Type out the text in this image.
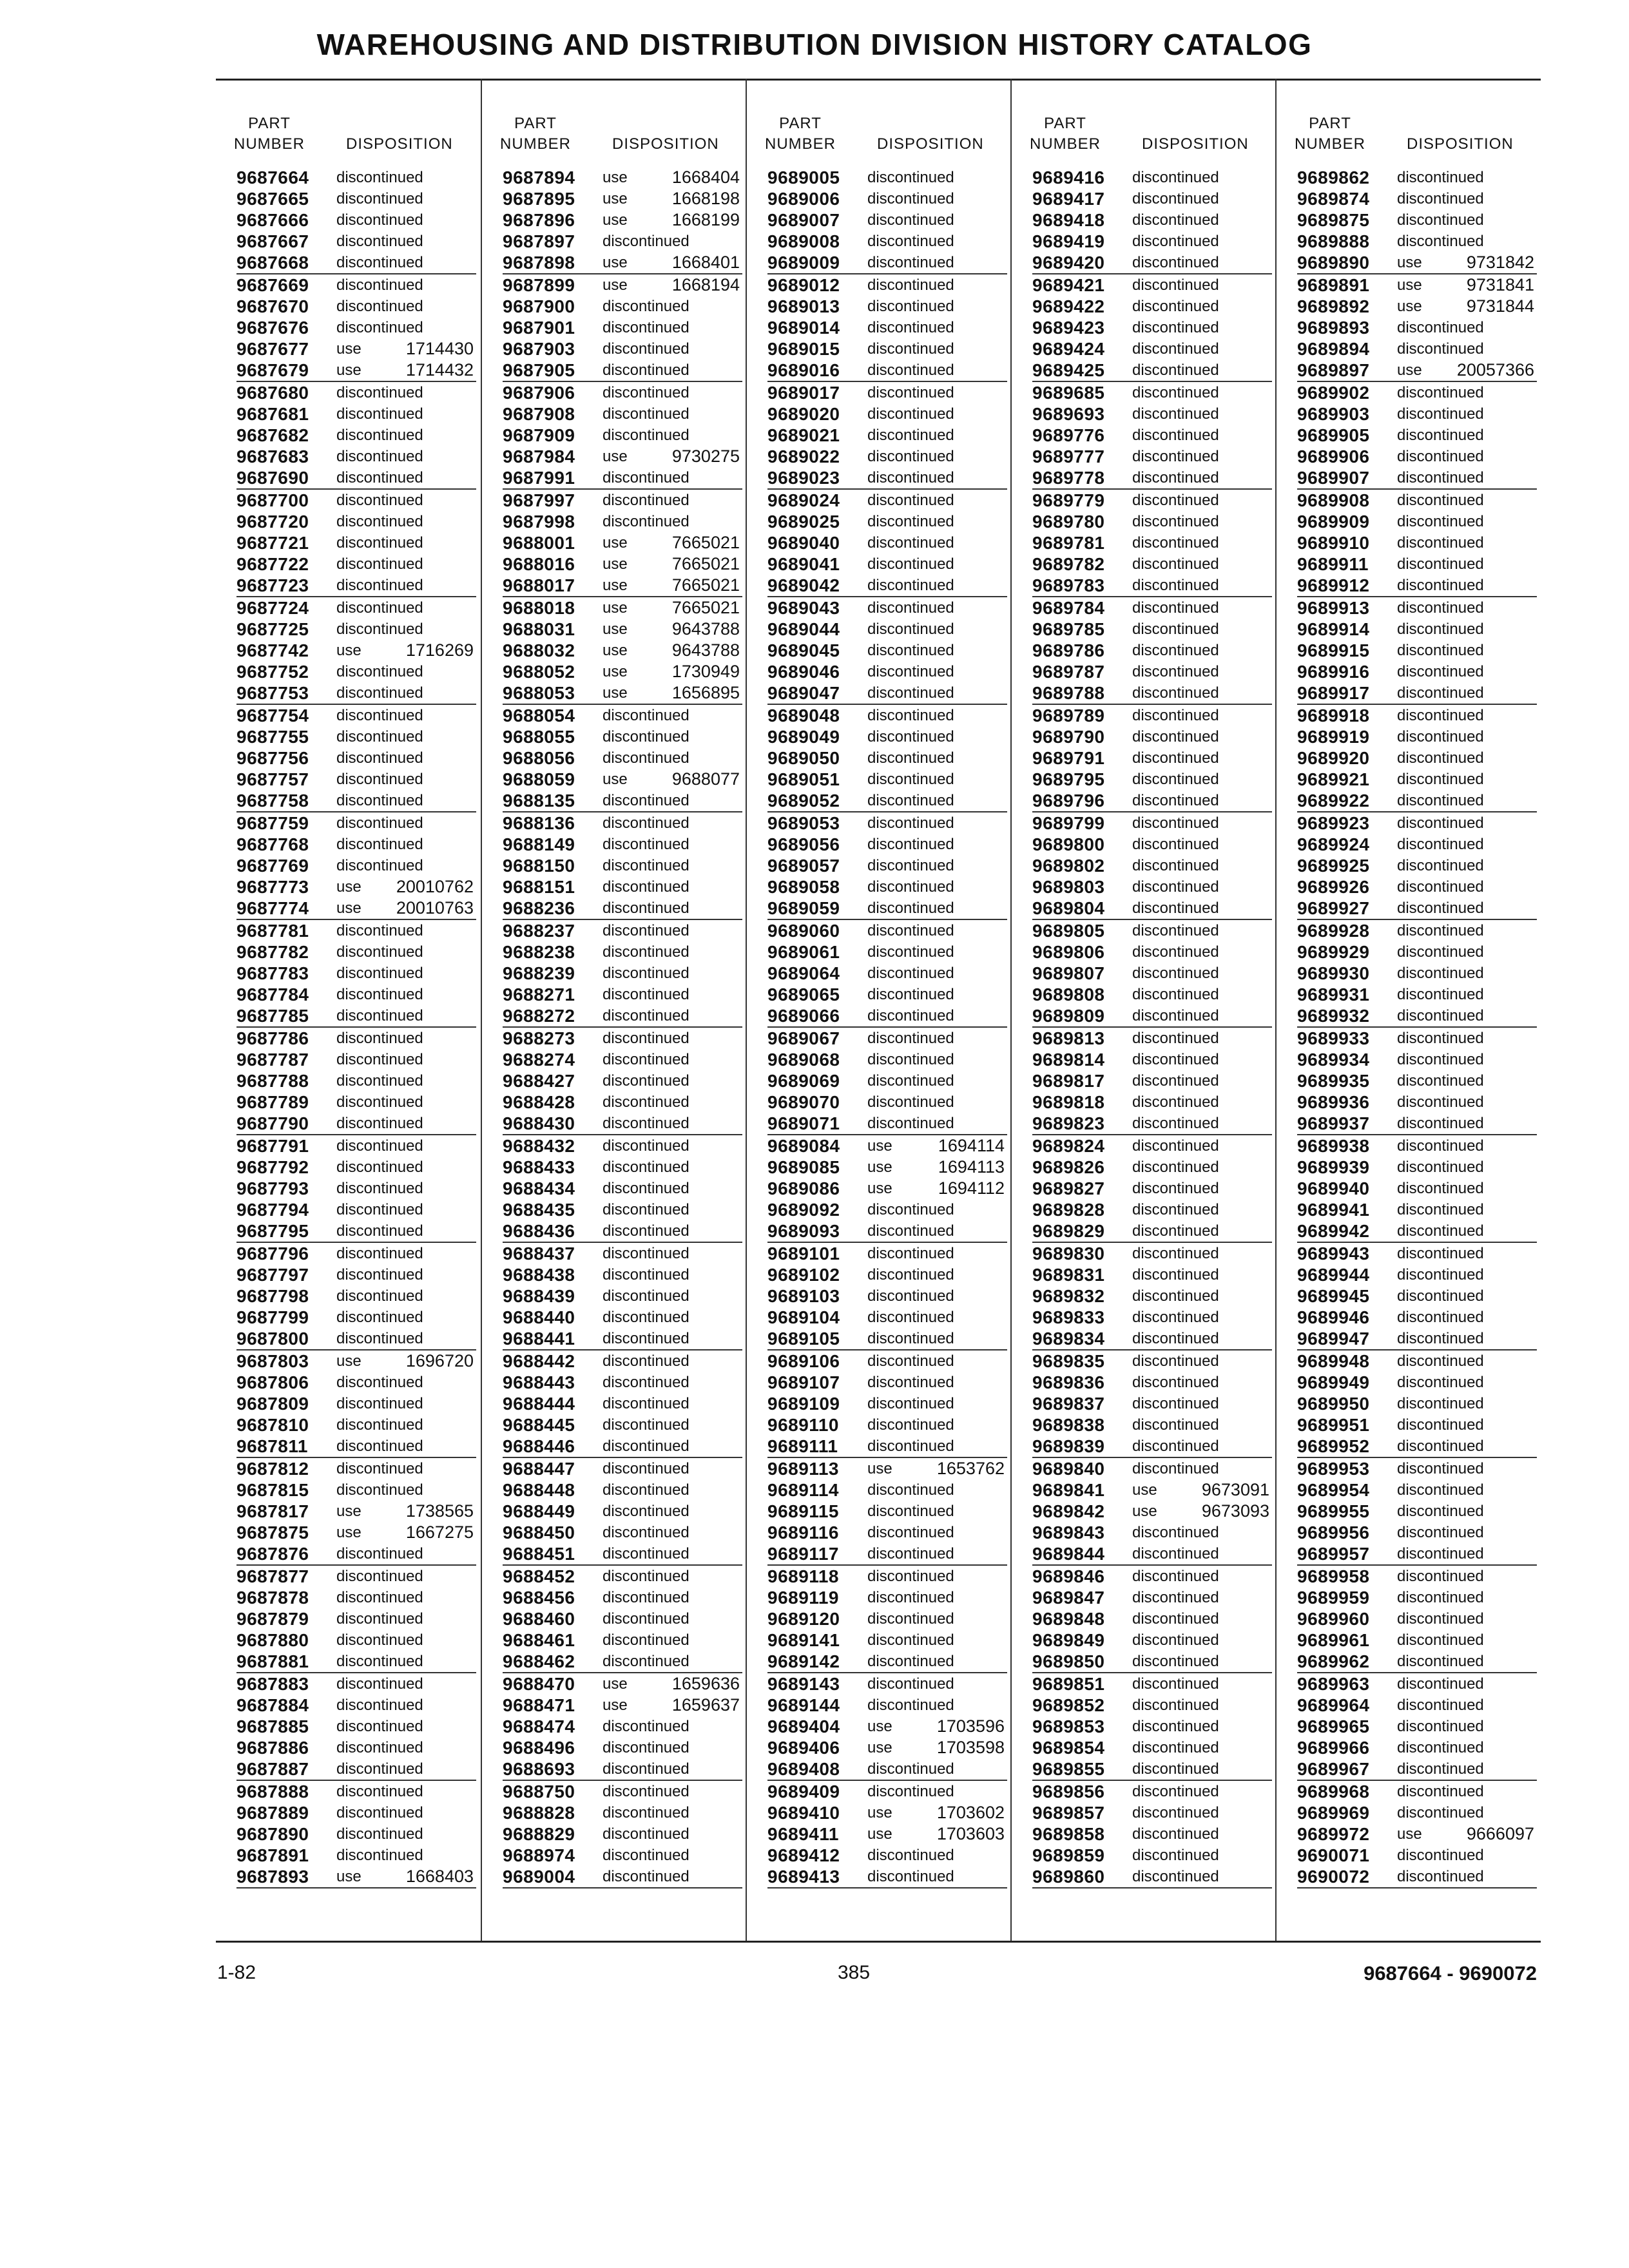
WAREHOUSING AND DISTRIBUTION DIVISION HISTORY CATALOG
PART
NUMBER	DISPOSITION
9687664 discontinued
9687665 discontinued
9687666 discontinued
9687667 discontinued
9687668 discontinued
9687669 discontinued
9687670 discontinued
9687676 discontinued
9687677 use	1714430
9687679 use	1714432
9687680 discontinued
9687681 discontinued
9687682 discontinued
9687683 discontinued
9687690 discontinued
9687700 discontinued
9687720 discontinued
9687721 discontinued
9687722 discontinued
9687723 discontinued
9687724 discontinued
9687725 discontinued
9687742 use	1716269
9687752 discontinued
9687753 discontinued
9687754 discontinued
9687755 discontinued
9687756 discontinued
9687757 discontinued
9687758 discontinued
9687759 discontinued
9687768 discontinued
9687769 discontinued
9687773 use 20010762
9687774 use 20010763
9687781 discontinued
9687782 discontinued
9687783 discontinued
9687784 discontinued
9687785 discontinued
9687786 discontinued
9687787 discontinued
9687788 discontinued
9687789 discontinued
9687790 discontinued
9687791 discontinued
9687792 discontinued
9687793 discontinued
9687794 discontinued
9687795 discontinued
9687796 discontinued
9687797 discontinued
9687798 discontinued
9687799 discontinued
9687800 discontinued
9687803 use	1696720
9687806 discontinued
9687809 discontinued
9687810 discontinued
9687811 discontinued
9687812 discontinued
9687815 discontinued
9687817 use	1738565
9687875 use	1667275
9687876 discontinued
9687877 discontinued
9687878 discontinued
9687879 discontinued
9687880 discontinued
9687881 discontinued
9687883 discontinued
9687884 discontinued
9687885 discontinued
9687886 discontinued
9687887 discontinued
9687888 discontinued
9687889 discontinued
9687890 discontinued
9687891 discontinued
9687893 use	1668403
PART
NUMBER	DISPOSITION
9687894 use	1668404
9687895 use	1668198
9687896 use	1668199
9687897 discontinued
9687898 use	1668401
9687899 use	1668194
9687900 discontinued
9687901 discontinued
9687903 discontinued
9687905 discontinued
9687906 discontinued
9687908 discontinued
9687909 discontinued
9687984 use	9730275
9687991 discontinued
9687997 discontinued
9687998 discontinued
9688001 use	7665021
9688016 use	7665021
9688017 use	7665021
9688018 use	7665021
9688031 use	9643788
9688032 use	9643788
9688052 use	1730949
9688053 use	1656895
9688054 discontinued
9688055 discontinued
9688056 discontinued
9688059 use	9688077
9688135 discontinued
9688136 discontinued
9688149 discontinued
9688150 discontinued
9688151 discontinued
9688236 discontinued
9688237 discontinued
9688238 discontinued
9688239 discontinued
9688271 discontinued
9688272 discontinued
9688273 discontinued
9688274 discontinued
9688427 discontinued
9688428 discontinued
9688430 discontinued
9688432 discontinued
9688433 discontinued
9688434 discontinued
9688435 discontinued
9688436 discontinued
9688437 discontinued
9688438 discontinued
9688439 discontinued
9688440 discontinued
9688441 discontinued
9688442 discontinued
9688443 discontinued
9688444 discontinued
9688445 discontinued
9688446 discontinued
9688447 discontinued
9688448 discontinued
9688449 discontinued
9688450 discontinued
9688451 discontinued
9688452 discontinued
9688456 discontinued
9688460 discontinued
9688461 discontinued
9688462 discontinued
9688470 use	1659636
9688471 use	1659637
9688474 discontinued
9688496 discontinued
9688693 discontinued
9688750 discontinued
9688828 discontinued
9688829 discontinued
9688974 discontinued
9689004 discontinued
PART
NUMBER	DISPOSITION
9689005 discontinued
9689006 discontinued
9689007 discontinued
9689008 discontinued
9689009 discontinued
9689012 discontinued
9689013 discontinued
9689014 discontinued
9689015 discontinued
9689016 discontinued
9689017 discontinued
9689020 discontinued
9689021 discontinued
9689022 discontinued
9689023 discontinued
9689024 discontinued
9689025 discontinued
9689040 discontinued
9689041 discontinued
9689042 discontinued
9689043 discontinued
9689044 discontinued
9689045 discontinued
9689046 discontinued
9689047 discontinued
9689048 discontinued
9689049 discontinued
9689050 discontinued
9689051 discontinued
9689052 discontinued
9689053 discontinued
9689056 discontinued
9689057 discontinued
9689058 discontinued
9689059 discontinued
9689060 discontinued
9689061 discontinued
9689064 discontinued
9689065 discontinued
9689066 discontinued
9689067 discontinued
9689068 discontinued
9689069 discontinued
9689070 discontinued
9689071 discontinued
9689084 use	1694114
9689085 use	1694113
9689086 use	1694112
9689092 discontinued
9689093 discontinued
9689101 discontinued
9689102 discontinued
9689103 discontinued
9689104 discontinued
9689105 discontinued
9689106 discontinued
9689107 discontinued
9689109 discontinued
9689110 discontinued
9689111 discontinued
9689113 use	1653762
9689114 discontinued
9689115 discontinued
9689116 discontinued
9689117 discontinued
9689118 discontinued
9689119 discontinued
9689120 discontinued
9689141 discontinued
9689142 discontinued
9689143 discontinued
9689144 discontinued
9689404 use	1703596
9689406 use	1703598
9689408 discontinued
9689409 discontinued
9689410 use	1703602
9689411 use	1703603
9689412 discontinued
9689413 discontinued
PART
NUMBER	DISPOSITION
9689416 discontinued
9689417 discontinued
9689418 discontinued
9689419 discontinued
9689420 discontinued
9689421 discontinued
9689422 discontinued
9689423 discontinued
9689424 discontinued
9689425 discontinued
9689685 discontinued
9689693 discontinued
9689776 discontinued
9689777 discontinued
9689778 discontinued
9689779 discontinued
9689780 discontinued
9689781 discontinued
9689782 discontinued
9689783 discontinued
9689784 discontinued
9689785 discontinued
9689786 discontinued
9689787 discontinued
9689788 discontinued
9689789 discontinued
9689790 discontinued
9689791 discontinued
9689795 discontinued
9689796 discontinued
9689799 discontinued
9689800 discontinued
9689802 discontinued
9689803 discontinued
9689804 discontinued
9689805 discontinued
9689806 discontinued
9689807 discontinued
9689808 discontinued
9689809 discontinued
9689813 discontinued
9689814 discontinued
9689817 discontinued
9689818 discontinued
9689823 discontinued
9689824 discontinued
9689826 discontinued
9689827 discontinued
9689828 discontinued
9689829 discontinued
9689830 discontinued
9689831 discontinued
9689832 discontinued
9689833 discontinued
9689834 discontinued
9689835 discontinued
9689836 discontinued
9689837 discontinued
9689838 discontinued
9689839 discontinued
9689840 discontinued
9689841 use	9673091
9689842 use	9673093
9689843 discontinued
9689844 discontinued
9689846 discontinued
9689847 discontinued
9689848 discontinued
9689849 discontinued
9689850 discontinued
9689851 discontinued
9689852 discontinued
9689853 discontinued
9689854 discontinued
9689855 discontinued
9689856 discontinued
9689857 discontinued
9689858 discontinued
9689859 discontinued
9689860 discontinued
PART
NUMBER	DISPOSITION
9689862 discontinued
9689874 discontinued
9689875 discontinued
9689888 discontinued
9689890 use	9731842
9689891 use	9731841
9689892 use	9731844
9689893 discontinued
9689894 discontinued
9689897 use 20057366
9689902 discontinued
9689903 discontinued
9689905 discontinued
9689906 discontinued
9689907 discontinued
9689908 discontinued
9689909 discontinued
9689910 discontinued
9689911 discontinued
9689912 discontinued
9689913 discontinued
9689914 discontinued
9689915 discontinued
9689916 discontinued
9689917 discontinued
9689918 discontinued
9689919 discontinued
9689920 discontinued
9689921 discontinued
9689922 discontinued
9689923 discontinued
9689924 discontinued
9689925 discontinued
9689926 discontinued
9689927 discontinued
9689928 discontinued
9689929 discontinued
9689930 discontinued
9689931 discontinued
9689932 discontinued
9689933 discontinued
9689934 discontinued
9689935 discontinued
9689936 discontinued
9689937 discontinued
9689938 discontinued
9689939 discontinued
9689940 discontinued
9689941 discontinued
9689942 discontinued
9689943 discontinued
9689944 discontinued
9689945 discontinued
9689946 discontinued
9689947 discontinued
9689948 discontinued
9689949 discontinued
9689950 discontinued
9689951 discontinued
9689952 discontinued
9689953 discontinued
9689954 discontinued
9689955 discontinued
9689956 discontinued
9689957 discontinued
9689958 discontinued
9689959 discontinued
9689960 discontinued
9689961 discontinued
9689962 discontinued
9689963 discontinued
9689964 discontinued
9689965 discontinued
9689966 discontinued
9689967 discontinued
9689968 discontinued
9689969 discontinued
9689972 use	9666097
9690071 discontinued
9690072 discontinued
1-82	385	9687664 - 9690072
